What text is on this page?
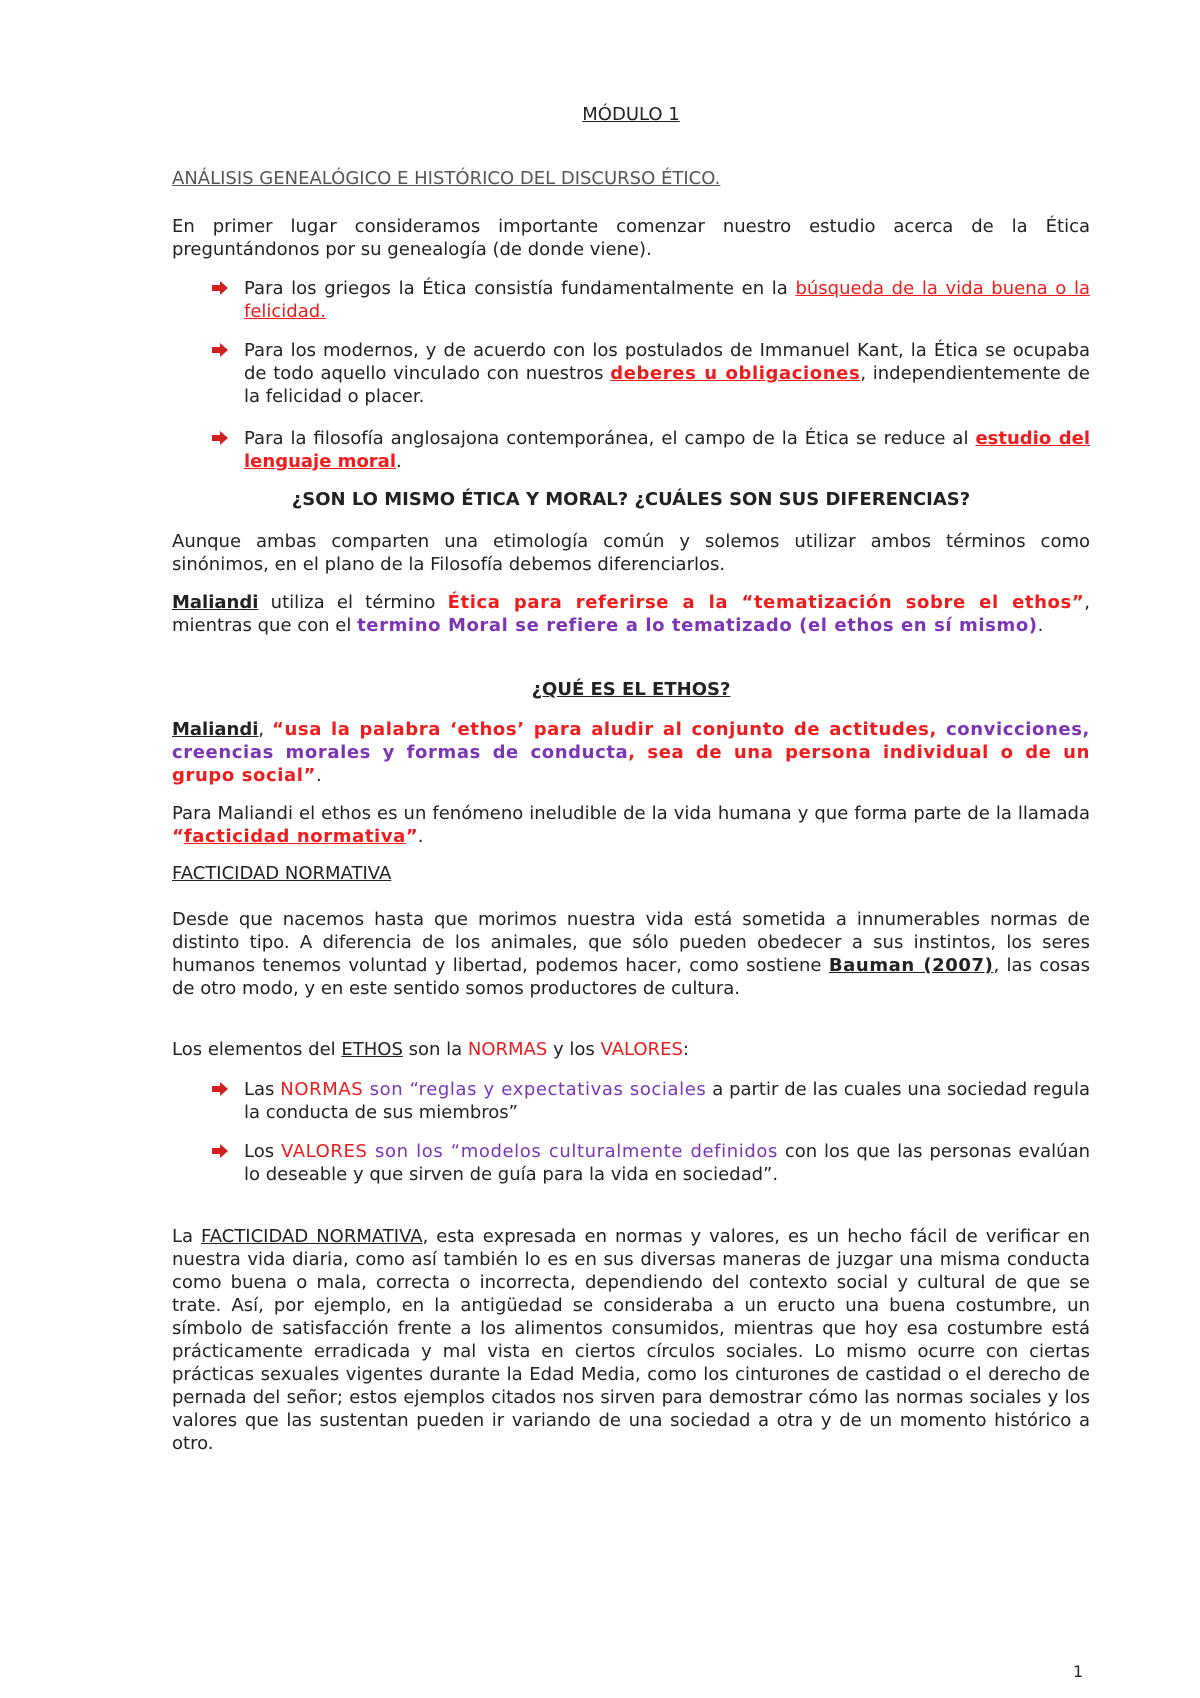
MÓDULO 1
ANÁLISIS GENEALÓGICO E HISTÓRICO DEL DISCURSO ÉTICO.
En primer lugar consideramos importante comenzar nuestro estudio acerca de la Ética preguntándonos por su genealogía (de donde viene).
Para los griegos la Ética consistía fundamentalmente en la búsqueda de la vida buena o la felicidad.
Para los modernos, y de acuerdo con los postulados de Immanuel Kant, la Ética se ocupaba de todo aquello vinculado con nuestros deberes u obligaciones, independientemente de la felicidad o placer.
Para la filosofía anglosajona contemporánea, el campo de la Ética se reduce al estudio del lenguaje moral.
¿SON LO MISMO ÉTICA Y MORAL? ¿CUÁLES SON SUS DIFERENCIAS?
Aunque ambas comparten una etimología común y solemos utilizar ambos términos como sinónimos, en el plano de la Filosofía debemos diferenciarlos.
Maliandi utiliza el término Ética para referirse a la “tematización sobre el ethos”, mientras que con el termino Moral se refiere a lo tematizado (el ethos en sí mismo).
¿QUÉ ES EL ETHOS?
Maliandi, “usa la palabra ‘ethos’ para aludir al conjunto de actitudes, convicciones, creencias morales y formas de conducta, sea de una persona individual o de un grupo social”.
Para Maliandi el ethos es un fenómeno ineludible de la vida humana y que forma parte de la llamada “facticidad normativa”.
FACTICIDAD NORMATIVA
Desde que nacemos hasta que morimos nuestra vida está sometida a innumerables normas de distinto tipo. A diferencia de los animales, que sólo pueden obedecer a sus instintos, los seres humanos tenemos voluntad y libertad, podemos hacer, como sostiene Bauman (2007), las cosas de otro modo, y en este sentido somos productores de cultura.
Los elementos del ETHOS son la NORMAS y los VALORES:
Las NORMAS son “reglas y expectativas sociales a partir de las cuales una sociedad regula la conducta de sus miembros”
Los VALORES son los “modelos culturalmente definidos con los que las personas evalúan lo deseable y que sirven de guía para la vida en sociedad”.
La FACTICIDAD NORMATIVA, esta expresada en normas y valores, es un hecho fácil de verificar en nuestra vida diaria, como así también lo es en sus diversas maneras de juzgar una misma conducta como buena o mala, correcta o incorrecta, dependiendo del contexto social y cultural de que se trate. Así, por ejemplo, en la antigüedad se consideraba a un eructo una buena costumbre, un símbolo de satisfacción frente a los alimentos consumidos, mientras que hoy esa costumbre está prácticamente erradicada y mal vista en ciertos círculos sociales. Lo mismo ocurre con ciertas prácticas sexuales vigentes durante la Edad Media, como los cinturones de castidad o el derecho de pernada del señor; estos ejemplos citados nos sirven para demostrar cómo las normas sociales y los valores que las sustentan pueden ir variando de una sociedad a otra y de un momento histórico a otro.
1
